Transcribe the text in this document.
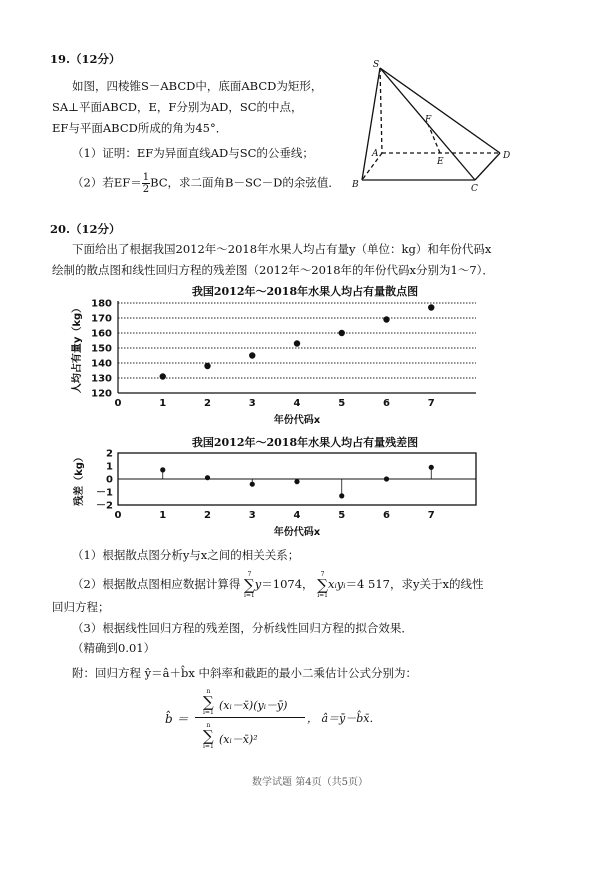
19.（12分）
如图，四棱锥S－ABCD中，底面ABCD为矩形，
SA⊥平面ABCD，E，F分别为AD，SC的中点，
EF与平面ABCD所成的角为45°．
（1）证明：EF为异面直线AD与SC的公垂线；
（2）若$EF= \frac{1}{2}$ BC，求二面角B－SC－D的余弦值．
S
A
B	C
D
E
F
20.（12分）
下面给出了根据我国2012年～2018年水果人均占有量y（单位：kg）和年份代码x
绘制的散点图和线性回归方程的残差图（2012年～2018年的年份代码x分别为1～7）．
我国2012年～2018年水果人均占有量散点图
120
130
140
150
160
170
180
0	1	2	3	4	5	6	7
年份代码x
人均占有量y（kg）
我国2012年～2018年水果人均占有量残差图
2
1
0
－1
－2
0	1	2	3	4	5	6	7
年份代码x
残差（kg）
（1）根据散点图分析y与x之间的相关关系；
（2）根据散点图相应数据计算得 7
∑
i=1y＝1074， 7
∑
i=1xᵢyᵢ＝4 517，求y关于x的线性
回归方程；
（3）根据线性回归方程的残差图，分析线性回归方程的拟合效果．
（精确到0.01）
附：回归方程 ŷ＝â＋b̂x 中斜率和截距的最小二乘估计公式分别为：
b̂ ＝
n
∑
i=1
(xᵢ－x̄)(yᵢ－ȳ)
n
∑
i=1
(xᵢ－x̄)²
， â＝ȳ－b̂x̄．
数学试题 第4页（共5页）
